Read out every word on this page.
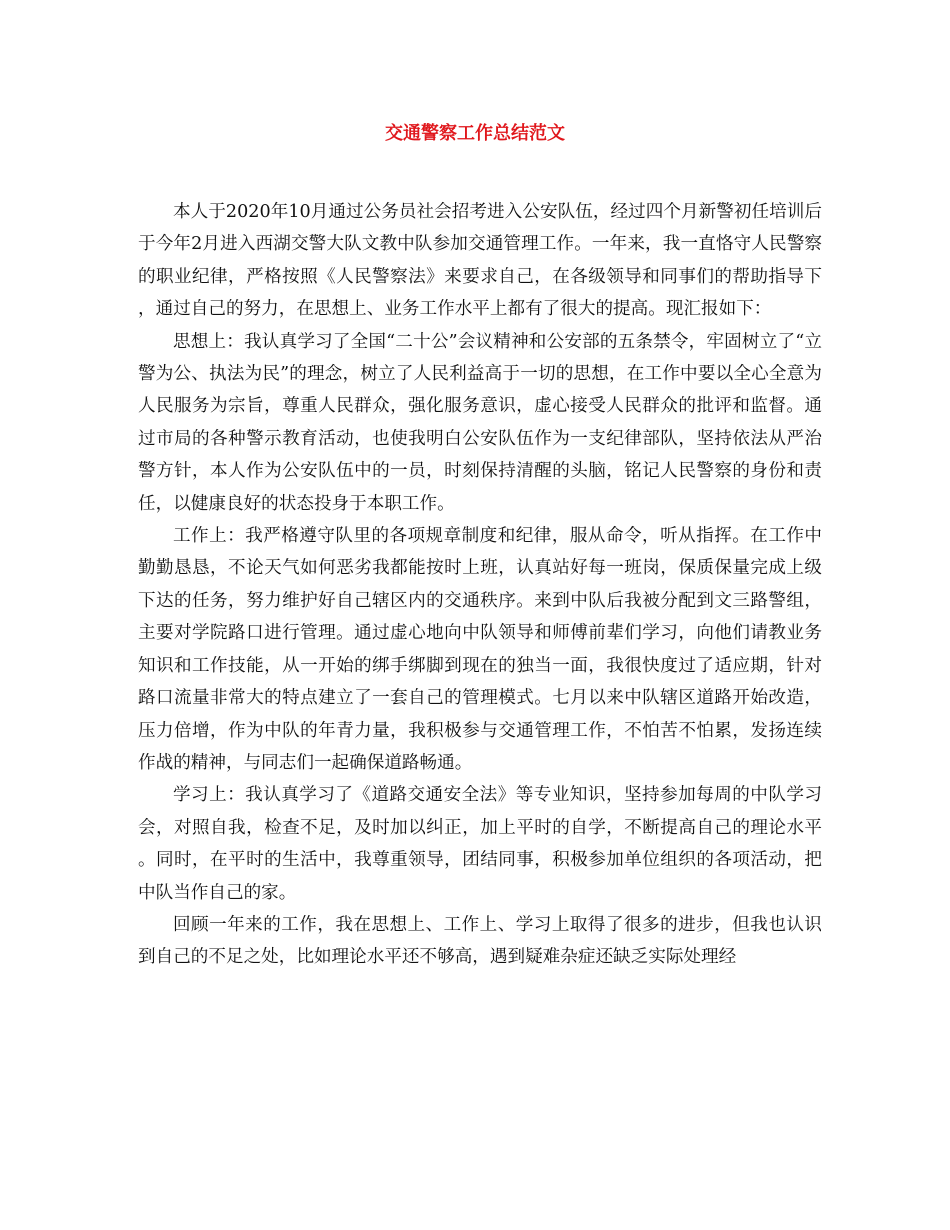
交通警察工作总结范文

本人于2020年10月通过公务员社会招考进入公安队伍，经过四个月新警初任培训后于今年2月进入西湖交警大队文教中队参加交通管理工作。一年来，我一直恪守人民警察的职业纪律，严格按照《人民警察法》来要求自己，在各级领导和同事们的帮助指导下，通过自己的努力，在思想上、业务工作水平上都有了很大的提高。现汇报如下：

思想上：我认真学习了全国“二十公”会议精神和公安部的五条禁令，牢固树立了“立警为公、执法为民”的理念，树立了人民利益高于一切的思想，在工作中要以全心全意为人民服务为宗旨，尊重人民群众，强化服务意识，虚心接受人民群众的批评和监督。通过市局的各种警示教育活动，也使我明白公安队伍作为一支纪律部队，坚持依法从严治警方针，本人作为公安队伍中的一员，时刻保持清醒的头脑，铭记人民警察的身份和责任，以健康良好的状态投身于本职工作。

工作上：我严格遵守队里的各项规章制度和纪律，服从命令，听从指挥。在工作中勤勤恳恳，不论天气如何恶劣我都能按时上班，认真站好每一班岗，保质保量完成上级下达的任务，努力维护好自己辖区内的交通秩序。来到中队后我被分配到文三路警组，主要对学院路口进行管理。通过虚心地向中队领导和师傅前辈们学习，向他们请教业务知识和工作技能，从一开始的绑手绑脚到现在的独当一面，我很快度过了适应期，针对路口流量非常大的特点建立了一套自己的管理模式。七月以来中队辖区道路开始改造，压力倍增，作为中队的年青力量，我积极参与交通管理工作，不怕苦不怕累，发扬连续作战的精神，与同志们一起确保道路畅通。

学习上：我认真学习了《道路交通安全法》等专业知识，坚持参加每周的中队学习会，对照自我，检查不足，及时加以纠正，加上平时的自学，不断提高自己的理论水平。同时，在平时的生活中，我尊重领导，团结同事，积极参加单位组织的各项活动，把中队当作自己的家。

回顾一年来的工作，我在思想上、工作上、学习上取得了很多的进步，但我也认识到自己的不足之处，比如理论水平还不够高，遇到疑难杂症还缺乏实际处理经
